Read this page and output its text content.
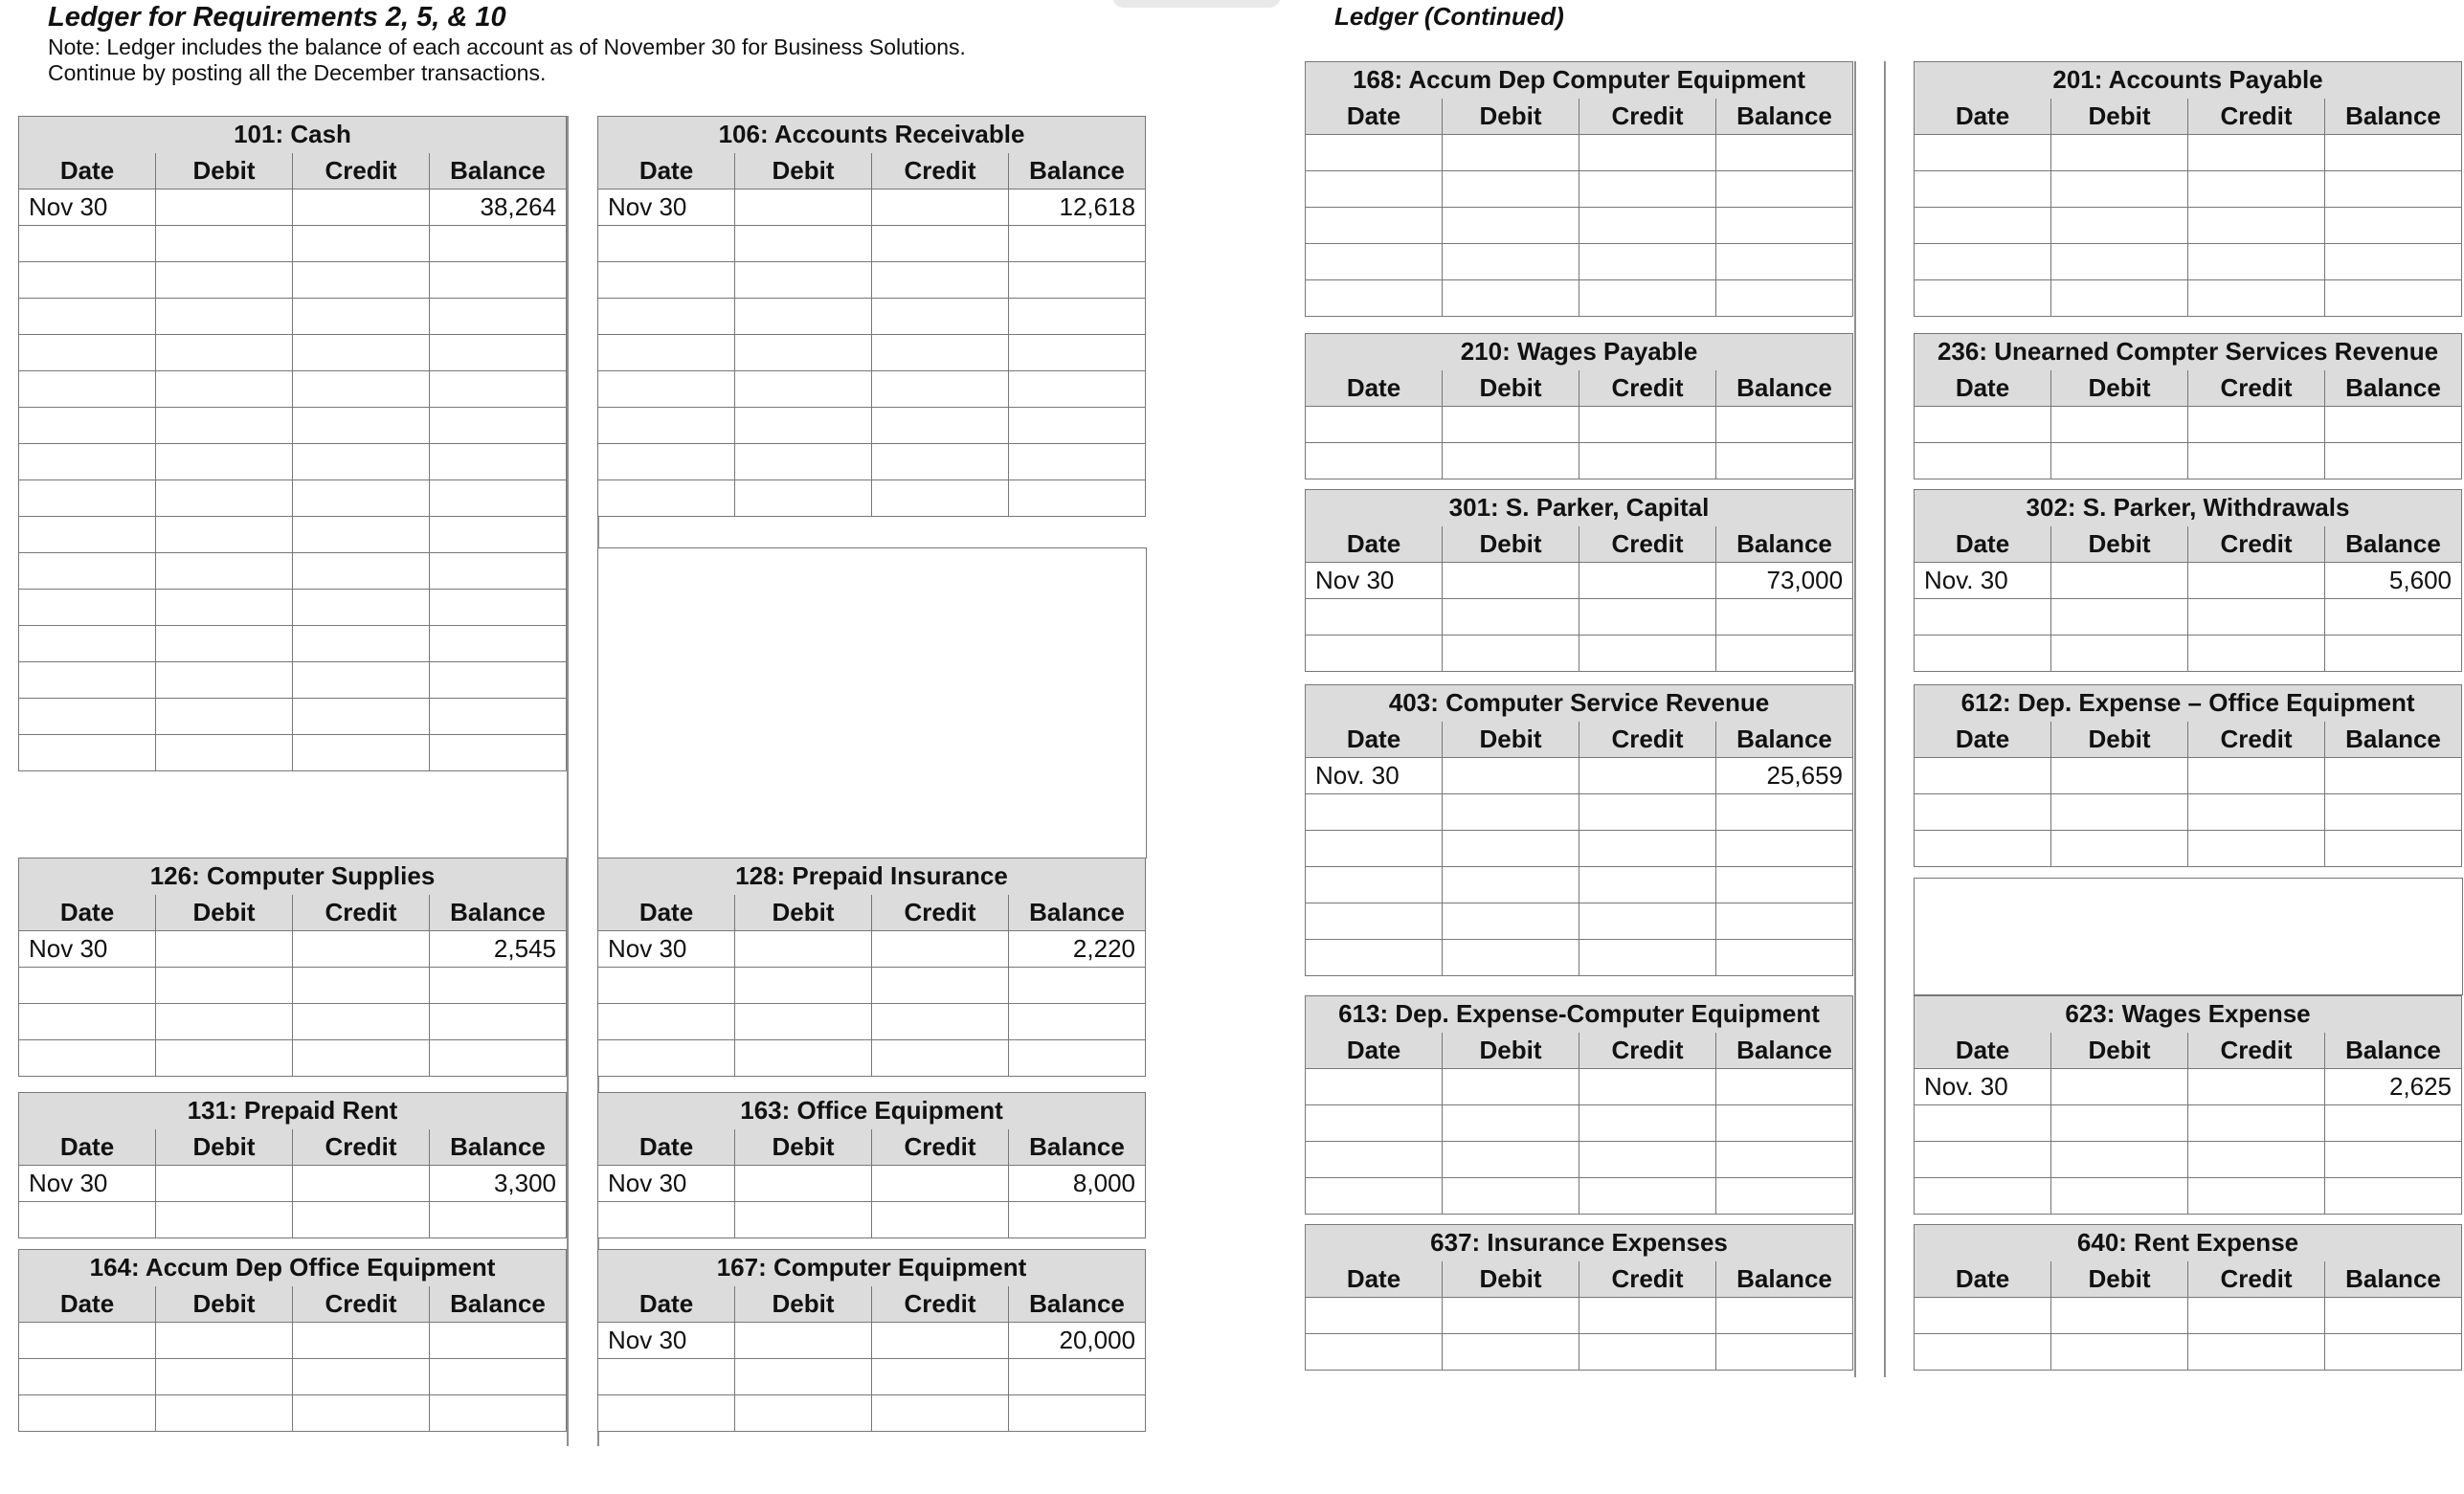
Ledger for Requirements 2, 5, & 10

Note: Ledger includes the balance of each account as of November 30 for Business Solutions.

Continue by posting all the December transactions.

Ledger (Continued)
101: Cash			
Date	Debit	Credit	Balance
Nov 30			38,264

106: Accounts Receivable			
Date	Debit	Credit	Balance
Nov 30			12,618

126: Computer Supplies			
Date	Debit	Credit	Balance
Nov 30			2,545

128: Prepaid Insurance			
Date	Debit	Credit	Balance
Nov 30			2,220

131: Prepaid Rent			
Date	Debit	Credit	Balance
Nov 30			3,300

163: Office Equipment			
Date	Debit	Credit	Balance
Nov 30			8,000

164: Accum Dep Office Equipment			
Date	Debit	Credit	Balance

167: Computer Equipment			
Date	Debit	Credit	Balance
Nov 30			20,000

168: Accum Dep Computer Equipment			
Date	Debit	Credit	Balance

201: Accounts Payable			
Date	Debit	Credit	Balance

210: Wages Payable			
Date	Debit	Credit	Balance

236: Unearned Compter Services Revenue			
Date	Debit	Credit	Balance

301: S. Parker, Capital			
Date	Debit	Credit	Balance
Nov 30			73,000

302: S. Parker, Withdrawals			
Date	Debit	Credit	Balance
Nov. 30			5,600

403: Computer Service Revenue			
Date	Debit	Credit	Balance
Nov. 30			25,659

612: Dep. Expense – Office Equipment			
Date	Debit	Credit	Balance

613: Dep. Expense-Computer Equipment			
Date	Debit	Credit	Balance

623: Wages Expense			
Date	Debit	Credit	Balance
Nov. 30			2,625

637: Insurance Expenses			
Date	Debit	Credit	Balance

640: Rent Expense			
Date	Debit	Credit	Balance
